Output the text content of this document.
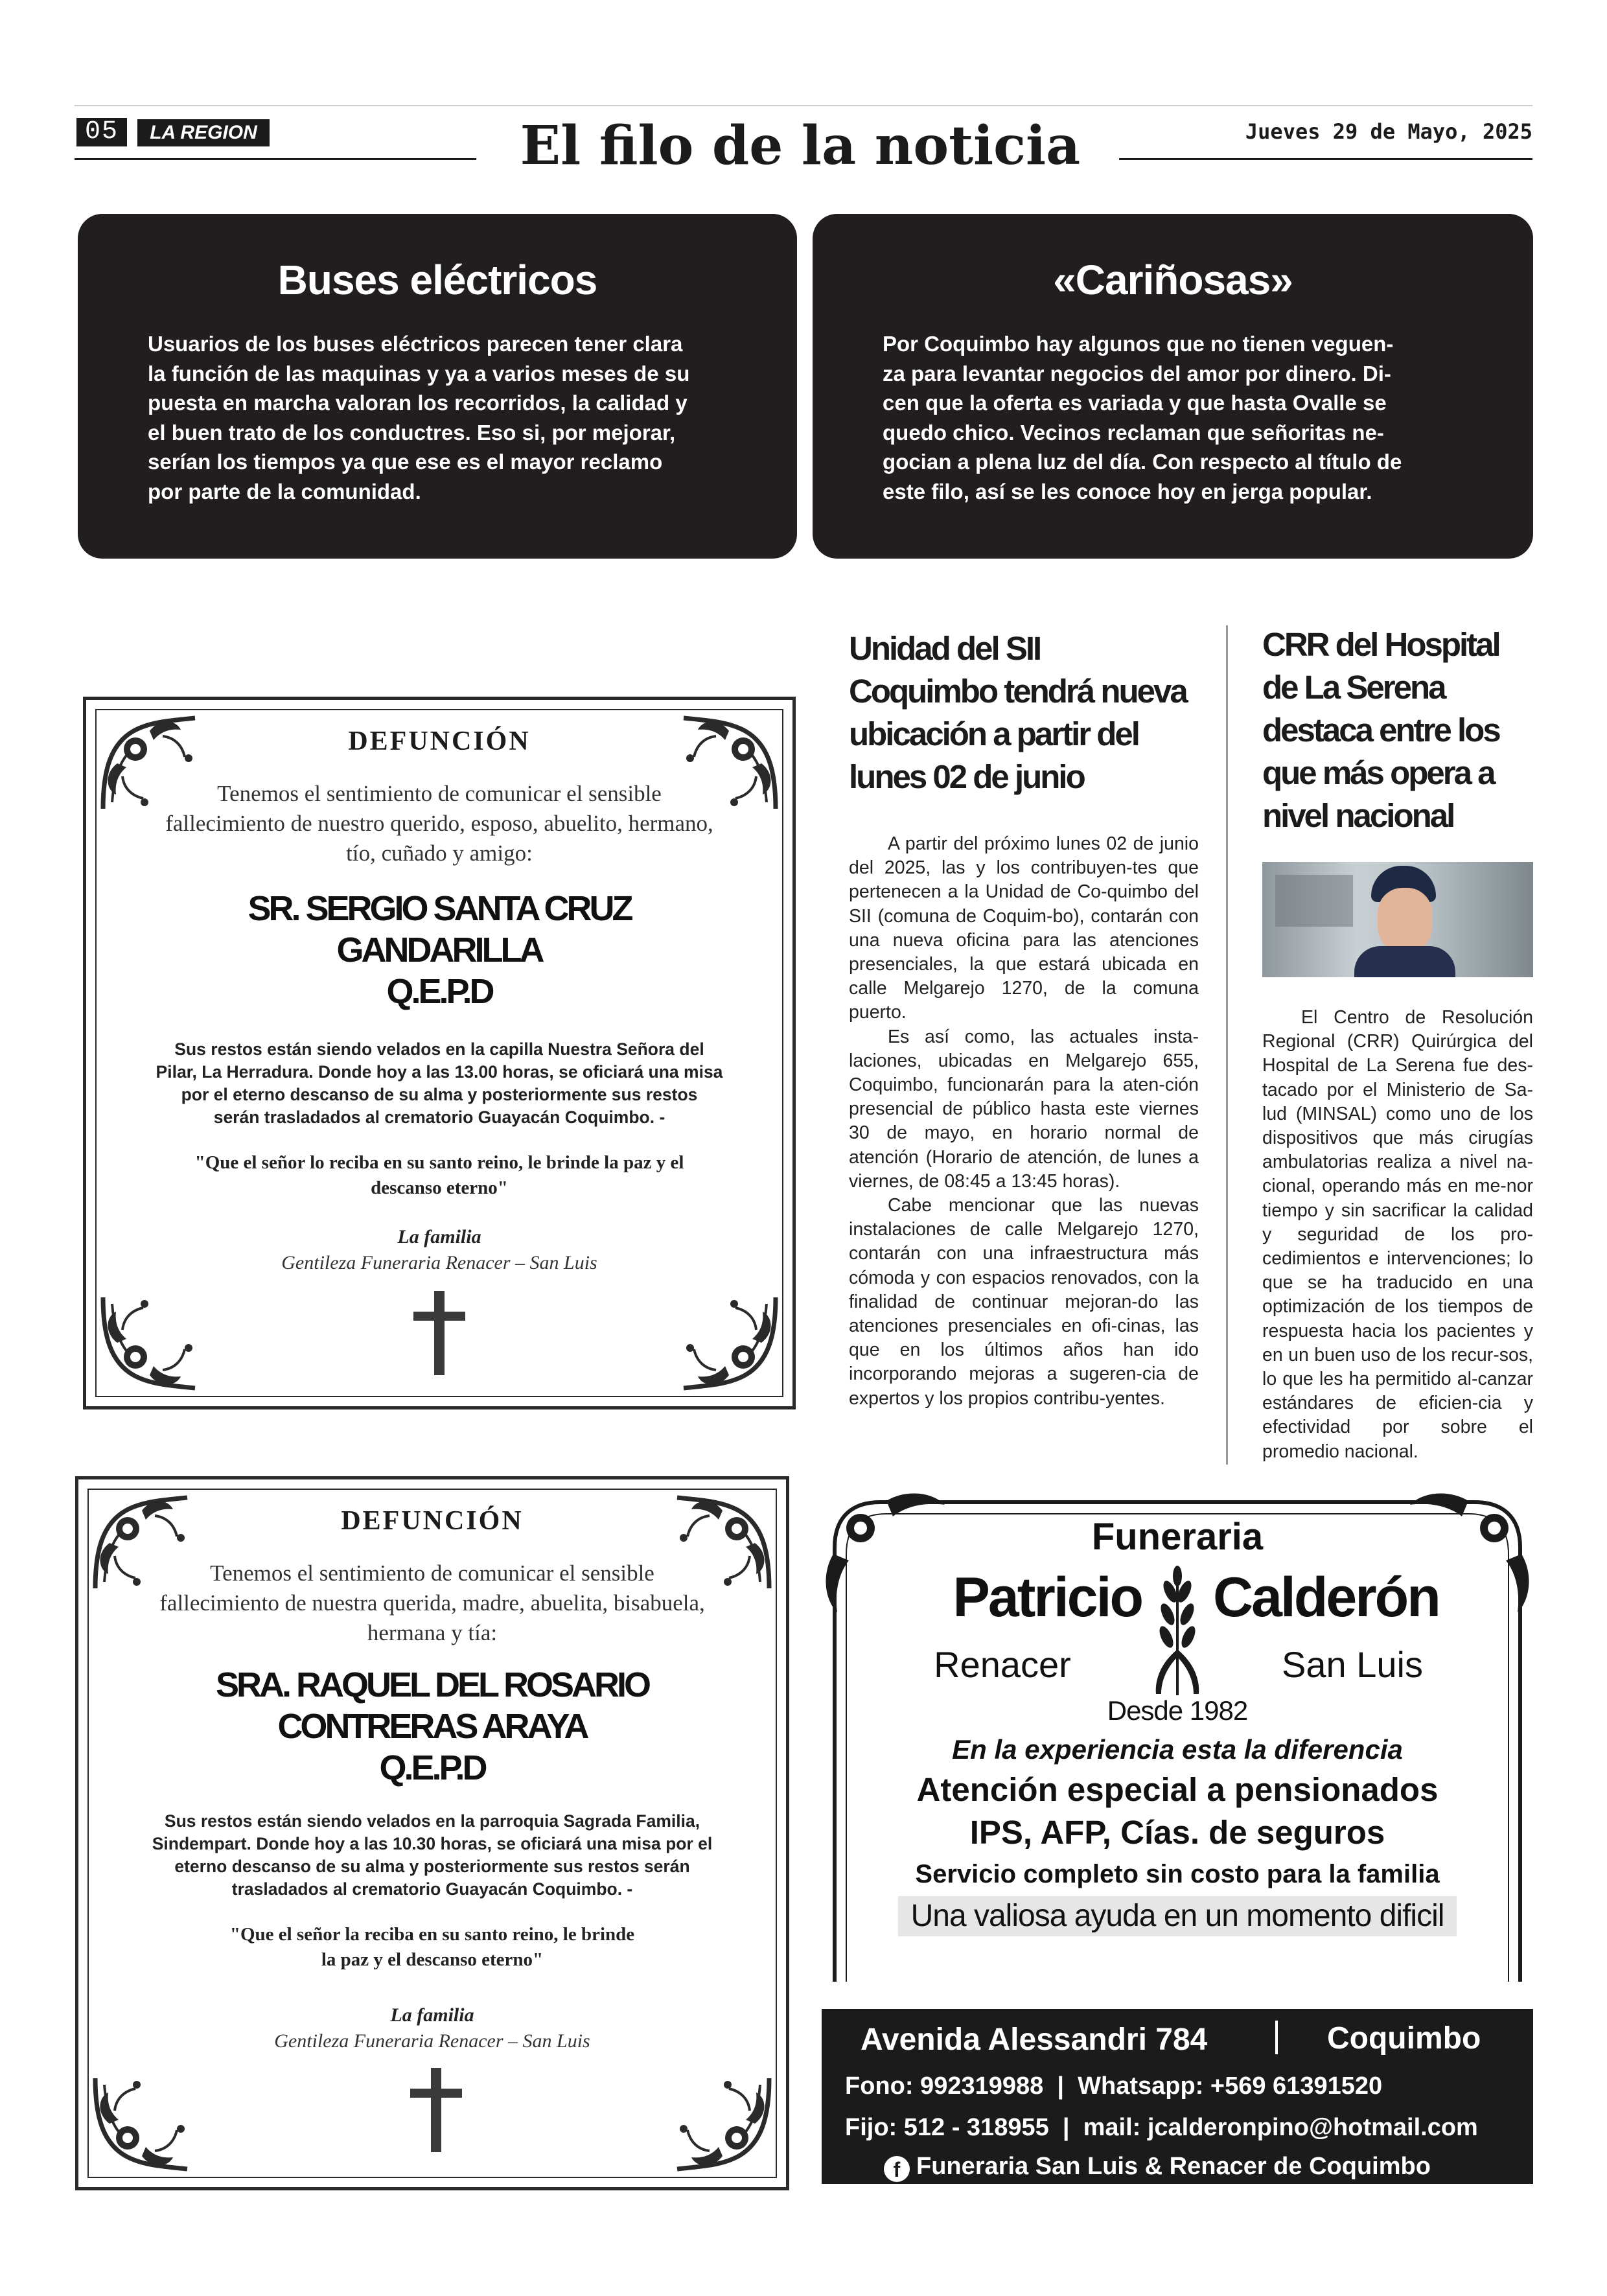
05	LA REGION	El filo de la noticia	Jueves 29 de Mayo, 2025
Buses eléctricos

Usuarios de los buses eléctricos parecen tener clara
la función de las maquinas y ya a varios meses de su
puesta en marcha valoran los recorridos, la calidad y
el buen trato de los conductres. Eso si, por mejorar,
serían los tiempos ya que ese es el mayor reclamo
por parte de la comunidad.

«Cariñosas»

Por Coquimbo hay algunos que no tienen veguen-
za para levantar negocios del amor por dinero. Di-
cen que la oferta es variada y que hasta Ovalle se
quedo chico. Vecinos reclaman que señoritas ne-
gocian a plena luz del día. Con respecto al título de
este filo, así se les conoce hoy en jerga popular.

DEFUNCIÓN
Tenemos el sentimiento de comunicar el sensible
fallecimiento de nuestro querido, esposo, abuelito, hermano,
tío, cuñado y amigo:
SR. SERGIO SANTA CRUZ
GANDARILLA
Q.E.P.D
Sus restos están siendo velados en la capilla Nuestra Señora del
Pilar, La Herradura. Donde hoy a las 13.00 horas, se oficiará una misa
por el eterno descanso de su alma y posteriormente sus restos
serán trasladados al crematorio Guayacán Coquimbo. -
"Que el señor lo reciba en su santo reino, le brinde la paz y el
descanso eterno"
La familia
Gentileza Funeraria Renacer – San Luis
DEFUNCIÓN
Tenemos el sentimiento de comunicar el sensible
fallecimiento de nuestra querida, madre, abuelita, bisabuela,
hermana y tía:
SRA. RAQUEL DEL ROSARIO
CONTRERAS ARAYA
Q.E.P.D
Sus restos están siendo velados en la parroquia Sagrada Familia,
Sindempart. Donde hoy a las 10.30 horas, se oficiará una misa por el
eterno descanso de su alma y posteriormente sus restos serán
trasladados al crematorio Guayacán Coquimbo. -
"Que el señor la reciba en su santo reino, le brinde
la paz y el descanso eterno"
La familia
Gentileza Funeraria Renacer – San Luis
Unidad del SII
Coquimbo tendrá nueva
ubicación a partir del
lunes 02 de junio

A partir del próximo lunes 02 de junio del 2025, las y los contribuyen-tes que pertenecen a la Unidad de Co-quimbo del SII (comuna de Coquim-bo), contarán con una nueva oficina para las atenciones presenciales, la que estará ubicada en calle Melgarejo 1270, de la comuna puerto.

Es así como, las actuales insta-laciones, ubicadas en Melgarejo 655, Coquimbo, funcionarán para la aten-ción presencial de público hasta este viernes 30 de mayo, en horario normal de atención (Horario de atención, de lunes a viernes, de 08:45 a 13:45 horas).

Cabe mencionar que las nuevas instalaciones de calle Melgarejo 1270, contarán con una infraestructura más cómoda y con espacios renovados, con la finalidad de continuar mejoran-do las atenciones presenciales en ofi-cinas, las que en los últimos años han ido incorporando mejoras a sugeren-cia de expertos y los propios contribu-yentes.

CRR del Hospital
de La Serena
destaca entre los
que más opera a
nivel nacional

El Centro de Resolución Regional (CRR) Quirúrgica del Hospital de La Serena fue des-tacado por el Ministerio de Sa-lud (MINSAL) como uno de los dispositivos que más cirugías ambulatorias realiza a nivel na-cional, operando más en me-nor tiempo y sin sacrificar la calidad y seguridad de los pro-cedimientos e intervenciones; lo que se ha traducido en una optimización de los tiempos de respuesta hacia los pacientes y en un buen uso de los recur-sos, lo que les ha permitido al-canzar estándares de eficien-cia y efectividad por sobre el promedio nacional.

Funeraria
Patricio Calderón
Renacer	San Luis
Desde 1982
En la experiencia esta la diferencia
Atención especial a pensionados
IPS, AFP, Cías. de seguros
Servicio completo sin costo para la familia
Una valiosa ayuda en un momento dificil
Avenida Alessandri 784	Coquimbo
Fono: 992319988  |  Whatsapp: +569 61391520
Fijo: 512 - 318955  |  mail: jcalderonpino@hotmail.com
f Funeraria San Luis & Renacer de Coquimbo
